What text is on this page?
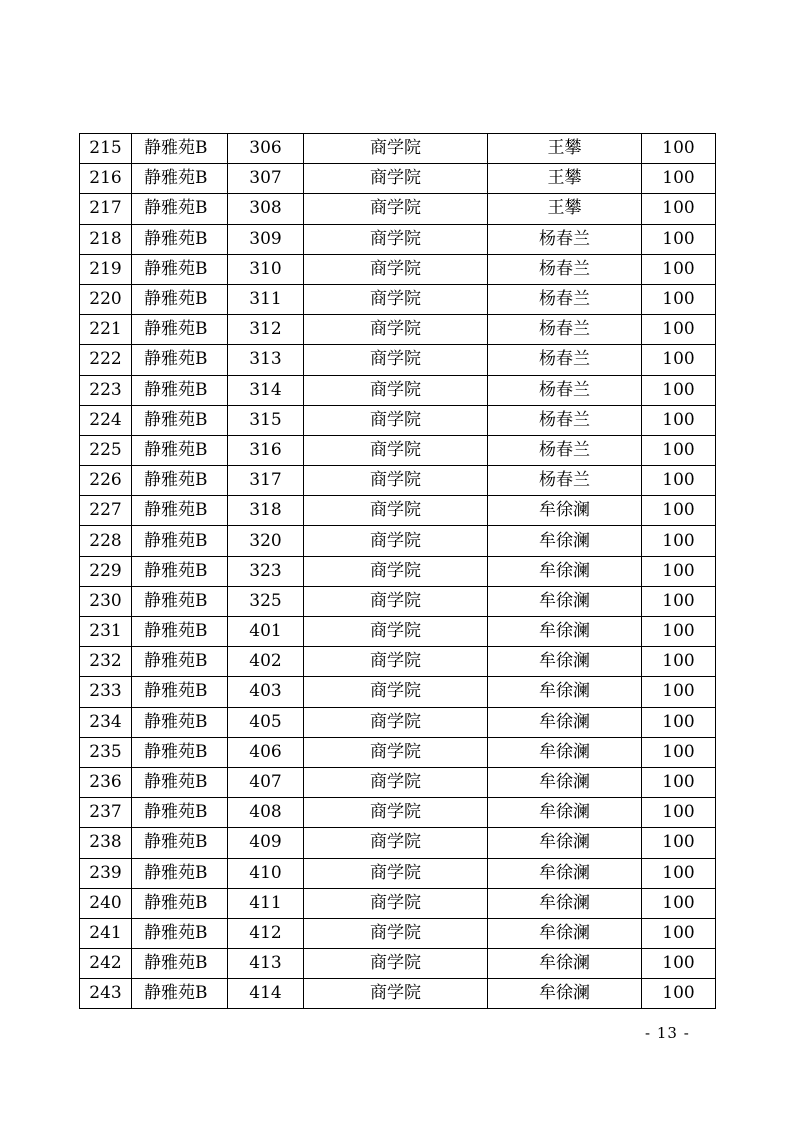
215	静雅苑B	306	商学院	王攀	100
216	静雅苑B	307	商学院	王攀	100
217	静雅苑B	308	商学院	王攀	100
218	静雅苑B	309	商学院	杨春兰	100
219	静雅苑B	310	商学院	杨春兰	100
220	静雅苑B	311	商学院	杨春兰	100
221	静雅苑B	312	商学院	杨春兰	100
222	静雅苑B	313	商学院	杨春兰	100
223	静雅苑B	314	商学院	杨春兰	100
224	静雅苑B	315	商学院	杨春兰	100
225	静雅苑B	316	商学院	杨春兰	100
226	静雅苑B	317	商学院	杨春兰	100
227	静雅苑B	318	商学院	牟徐澜	100
228	静雅苑B	320	商学院	牟徐澜	100
229	静雅苑B	323	商学院	牟徐澜	100
230	静雅苑B	325	商学院	牟徐澜	100
231	静雅苑B	401	商学院	牟徐澜	100
232	静雅苑B	402	商学院	牟徐澜	100
233	静雅苑B	403	商学院	牟徐澜	100
234	静雅苑B	405	商学院	牟徐澜	100
235	静雅苑B	406	商学院	牟徐澜	100
236	静雅苑B	407	商学院	牟徐澜	100
237	静雅苑B	408	商学院	牟徐澜	100
238	静雅苑B	409	商学院	牟徐澜	100
239	静雅苑B	410	商学院	牟徐澜	100
240	静雅苑B	411	商学院	牟徐澜	100
241	静雅苑B	412	商学院	牟徐澜	100
242	静雅苑B	413	商学院	牟徐澜	100
243	静雅苑B	414	商学院	牟徐澜	100
- 13 -
